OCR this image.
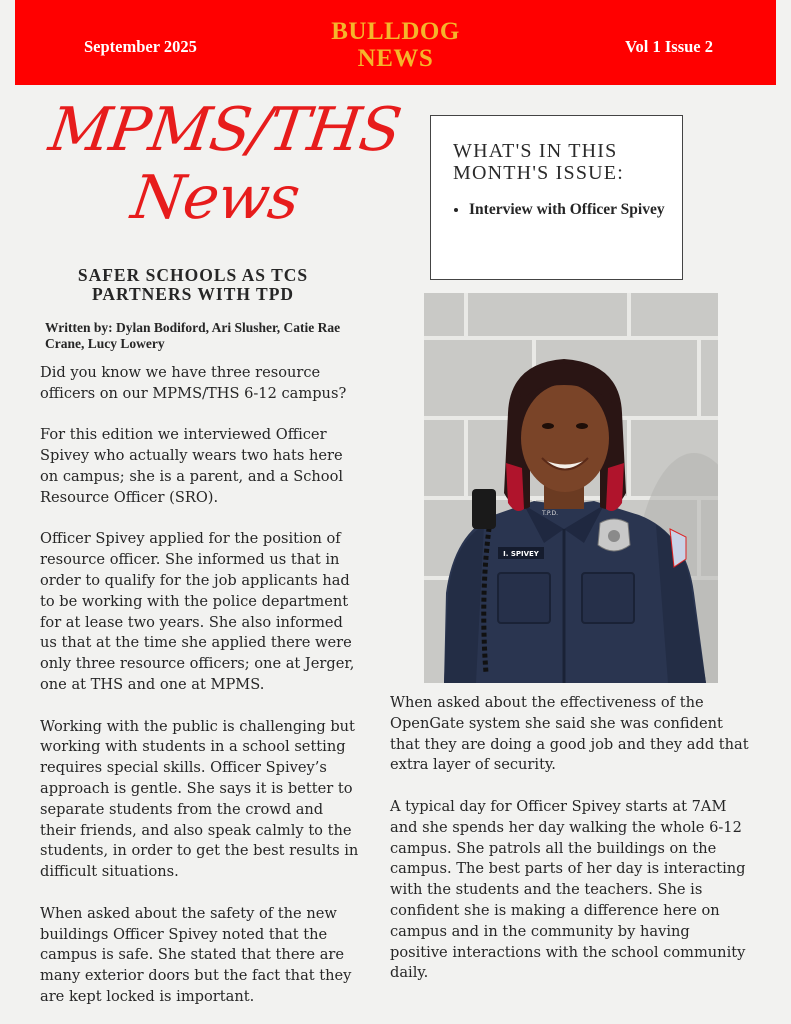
September 2025
BULLDOG
NEWS	Vol 1 Issue 2
MPMS/THS
News
SAFER SCHOOLS AS TCS
PARTNERS WITH TPD
Written by: Dylan Bodiford, Ari Slusher, Catie Rae Crane, Lucy Lowery

Did you know we have three resource officers on our MPMS/THS 6-12 campus?

For this edition we interviewed Officer Spivey who actually wears two hats here on campus; she is a parent, and a School Resource Officer (SRO).

Officer Spivey applied for the position of resource officer. She informed us that in order to qualify for the job applicants had to be working with the police department for at lease two years. She also informed us that at the time she applied there were only three resource officers; one at Jerger, one at THS and one at MPMS.

Working with the public is challenging but working with students in a school setting requires special skills. Officer Spivey’s approach is gentle. She says it is better to separate students from the crowd and their friends, and also speak calmly to the students, in order to get the best results in difficult situations.

When asked about the safety of the new buildings Officer Spivey noted that the campus is safe. She stated that there are many exterior doors but the fact that they are kept locked is important.

WHAT'S IN THIS MONTH'S ISSUE:
• Interview with Officer Spivey
I. SPIVEY
T.P.D.

When asked about the effectiveness of the OpenGate system she said she was confident that they are doing a good job and they add that extra layer of security.

A typical day for Officer Spivey starts at 7AM and she spends her day walking the whole 6-12 campus. She patrols all the buildings on the campus. The best parts of her day is interacting with the students and the teachers. She is confident she is making a difference here on campus and in the community by having positive interactions with the school community daily.
